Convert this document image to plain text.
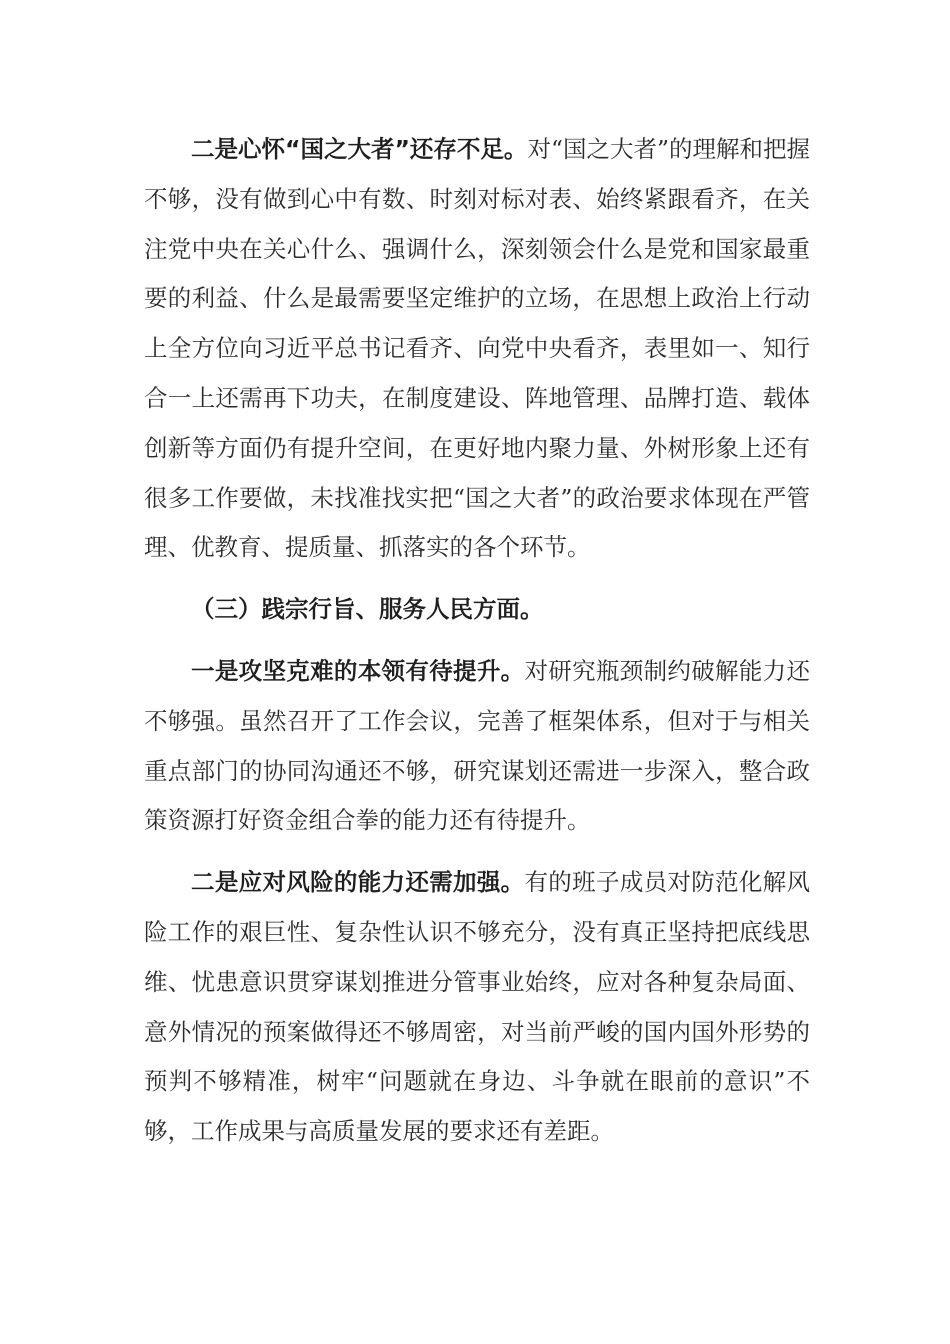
二是心怀“国之大者”还存不足。对“国之大者”的理解和把握不够，没有做到心中有数、时刻对标对表、始终紧跟看齐，在关注党中央在关心什么、强调什么，深刻领会什么是党和国家最重要的利益、什么是最需要坚定维护的立场，在思想上政治上行动上全方位向习近平总书记看齐、向党中央看齐，表里如一、知行合一上还需再下功夫，在制度建设、阵地管理、品牌打造、载体创新等方面仍有提升空间，在更好地内聚力量、外树形象上还有很多工作要做，未找准找实把“国之大者”的政治要求体现在严管理、优教育、提质量、抓落实的各个环节。

（三）践宗行旨、服务人民方面。

一是攻坚克难的本领有待提升。对研究瓶颈制约破解能力还不够强。虽然召开了工作会议，完善了框架体系，但对于与相关重点部门的协同沟通还不够，研究谋划还需进一步深入，整合政策资源打好资金组合拳的能力还有待提升。

二是应对风险的能力还需加强。有的班子成员对防范化解风险工作的艰巨性、复杂性认识不够充分，没有真正坚持把底线思维、忧患意识贯穿谋划推进分管事业始终，应对各种复杂局面、意外情况的预案做得还不够周密，对当前严峻的国内国外形势的预判不够精准，树牢“问题就在身边、斗争就在眼前的意识”不够，工作成果与高质量发展的要求还有差距。
